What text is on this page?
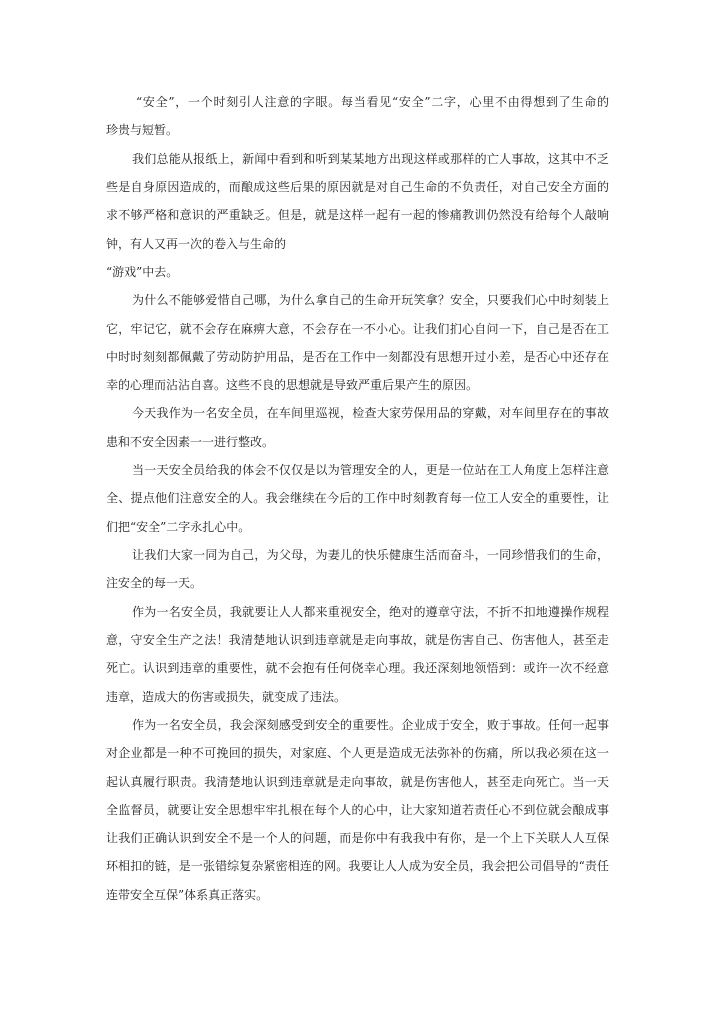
“安全”，一个时刻引人注意的字眼。每当看见“安全”二字，心里不由得想到了生命的
珍贵与短暂。
我们总能从报纸上，新闻中看到和听到某某地方出现这样或那样的亡人事故，这其中不乏
些是自身原因造成的，而酿成这些后果的原因就是对自己生命的不负责任，对自己安全方面的
求不够严格和意识的严重缺乏。但是，就是这样一起有一起的惨痛教训仍然没有给每个人敲响
钟，有人又再一次的卷入与生命的
“游戏”中去。
为什么不能够爱惜自己哪，为什么拿自己的生命开玩笑拿？安全，只要我们心中时刻装上
它，牢记它，就不会存在麻痹大意，不会存在一不小心。让我们扪心自问一下，自己是否在工
中时时刻刻都佩戴了劳动防护用品，是否在工作中一刻都没有思想开过小差，是否心中还存在
幸的心理而沾沾自喜。这些不良的思想就是导致严重后果产生的原因。
今天我作为一名安全员，在车间里巡视，检查大家劳保用品的穿戴，对车间里存在的事故
患和不安全因素一一进行整改。
当一天安全员给我的体会不仅仅是以为管理安全的人，更是一位站在工人角度上怎样注意
全、提点他们注意安全的人。我会继续在今后的工作中时刻教育每一位工人安全的重要性，让
们把“安全”二字永扎心中。
让我们大家一同为自己，为父母，为妻儿的快乐健康生活而奋斗，一同珍惜我们的生命，
注安全的每一天。
作为一名安全员，我就要让人人都来重视安全，绝对的遵章守法，不折不扣地遵操作规程
意，守安全生产之法！我清楚地认识到违章就是走向事故，就是伤害自己、伤害他人，甚至走
死亡。认识到违章的重要性，就不会抱有任何侥幸心理。我还深刻地领悟到：或许一次不经意
违章，造成大的伤害或损失，就变成了违法。
作为一名安全员，我会深刻感受到安全的重要性。企业成于安全，败于事故。任何一起事
对企业都是一种不可挽回的损失，对家庭、个人更是造成无法弥补的伤痛，所以我必须在这一
起认真履行职责。我清楚地认识到违章就是走向事故，就是伤害他人，甚至走向死亡。当一天
全监督员，就要让安全思想牢牢扎根在每个人的心中，让大家知道若责任心不到位就会酿成事
让我们正确认识到安全不是一个人的问题，而是你中有我我中有你，是一个上下关联人人互保
环相扣的链，是一张错综复杂紧密相连的网。我要让人人成为安全员，我会把公司倡导的“责任
连带安全互保”体系真正落实。
